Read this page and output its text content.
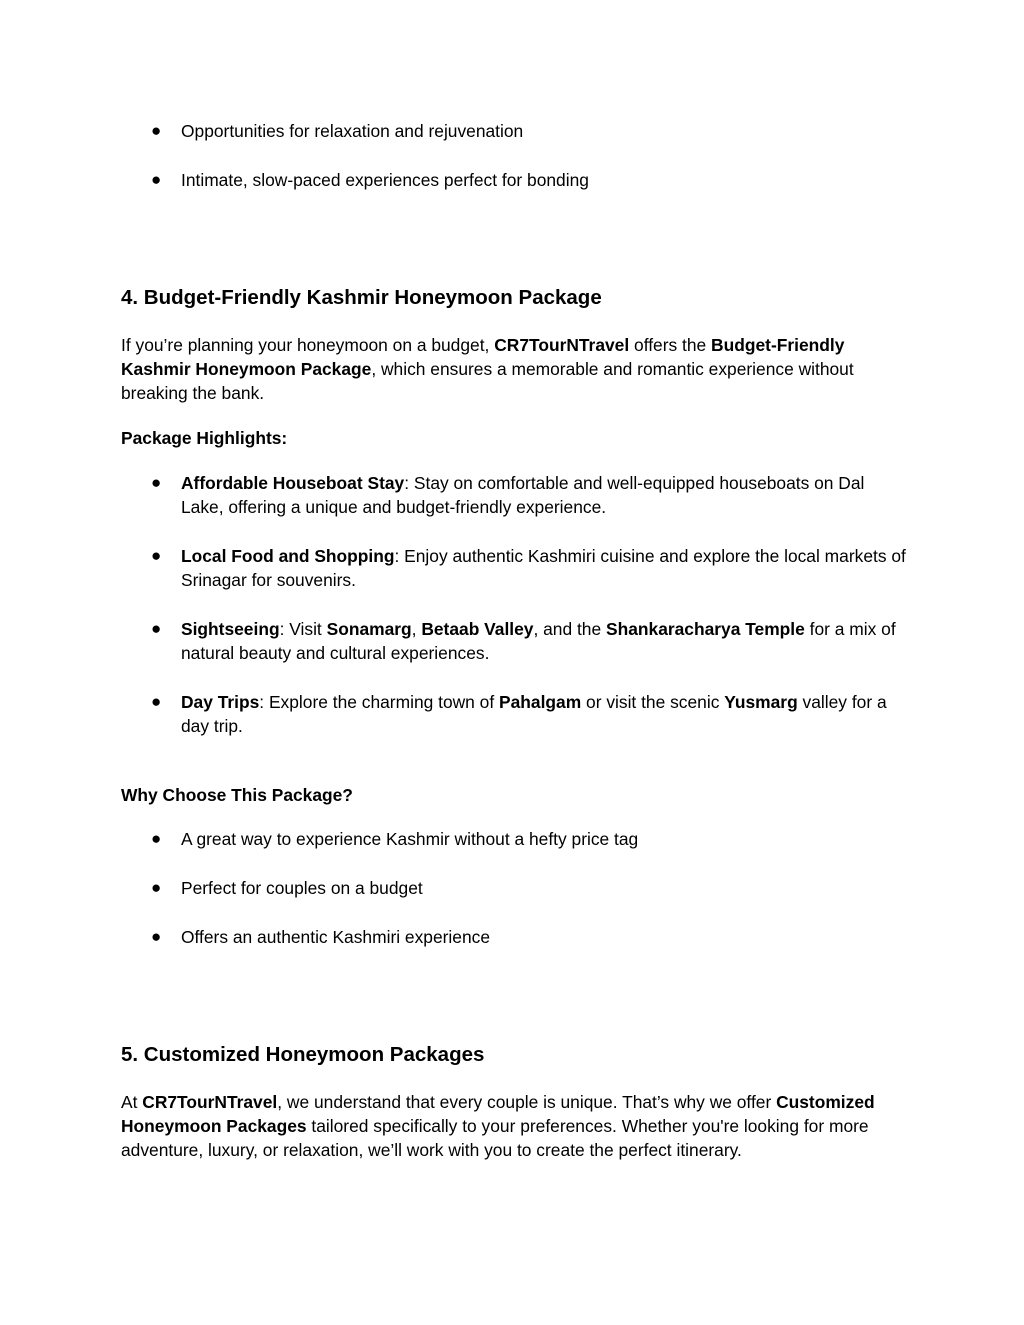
● Opportunities for relaxation and rejuvenation
● Intimate, slow-paced experiences perfect for bonding
4. Budget-Friendly Kashmir Honeymoon Package

If you’re planning your honeymoon on a budget, CR7TourNTravel offers the Budget-Friendly Kashmir Honeymoon Package, which ensures a memorable and romantic experience without breaking the bank.

Package Highlights:

● Affordable Houseboat Stay: Stay on comfortable and well-equipped houseboats on Dal Lake, offering a unique and budget-friendly experience.
● Local Food and Shopping: Enjoy authentic Kashmiri cuisine and explore the local markets of Srinagar for souvenirs.
● Sightseeing: Visit Sonamarg, Betaab Valley, and the Shankaracharya Temple for a mix of natural beauty and cultural experiences.
● Day Trips: Explore the charming town of Pahalgam or visit the scenic Yusmarg valley for a day trip.

Why Choose This Package?

● A great way to experience Kashmir without a hefty price tag
● Perfect for couples on a budget
● Offers an authentic Kashmiri experience
5. Customized Honeymoon Packages

At CR7TourNTravel, we understand that every couple is unique. That’s why we offer Customized Honeymoon Packages tailored specifically to your preferences. Whether you're looking for more adventure, luxury, or relaxation, we’ll work with you to create the perfect itinerary.
